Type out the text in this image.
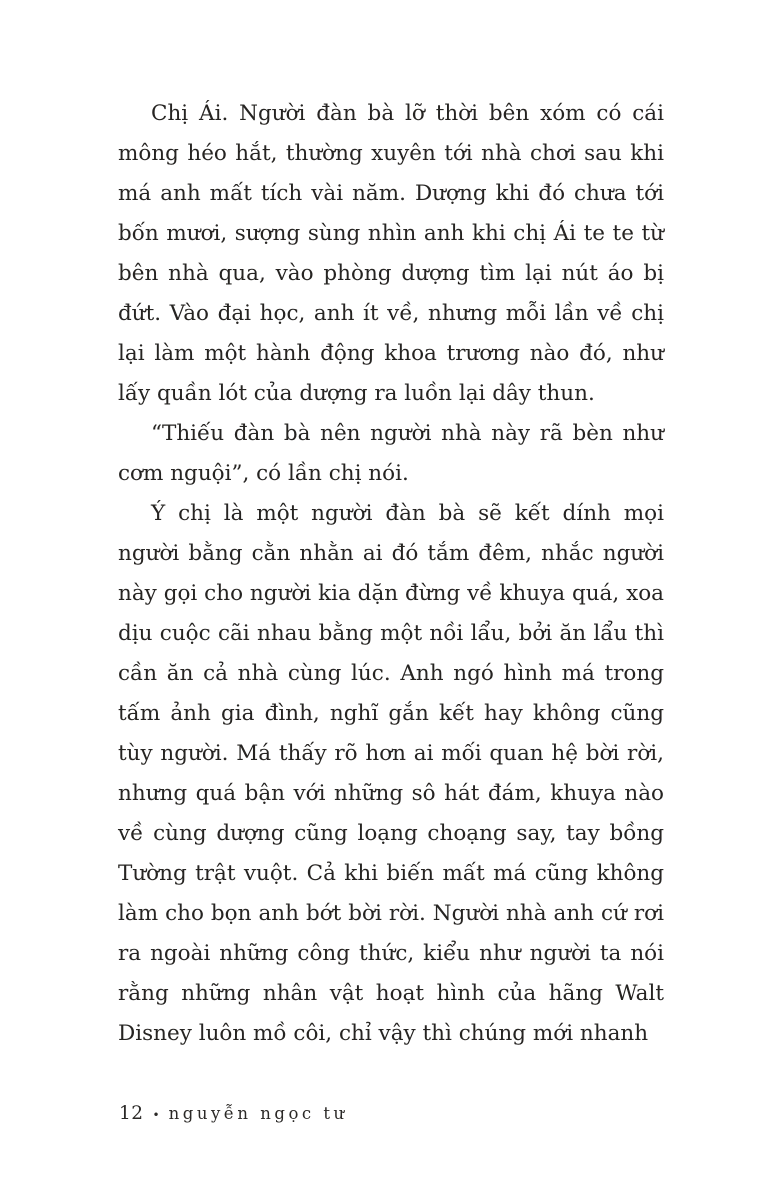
Chị Ái. Người đàn bà lỡ thời bên xóm có cái mông héo hắt, thường xuyên tới nhà chơi sau khi má anh mất tích vài năm. Dượng khi đó chưa tới bốn mươi, sượng sùng nhìn anh khi chị Ái te te từ bên nhà qua, vào phòng dượng tìm lại nút áo bị đứt. Vào đại học, anh ít về, nhưng mỗi lần về chị lại làm một hành động khoa trương nào đó, như lấy quần lót của dượng ra luồn lại dây thun.

“Thiếu đàn bà nên người nhà này rã bèn như cơm nguội”, có lần chị nói.

Ý chị là một người đàn bà sẽ kết dính mọi người bằng cằn nhằn ai đó tắm đêm, nhắc người này gọi cho người kia dặn đừng về khuya quá, xoa dịu cuộc cãi nhau bằng một nồi lẩu, bởi ăn lẩu thì cần ăn cả nhà cùng lúc. Anh ngó hình má trong tấm ảnh gia đình, nghĩ gắn kết hay không cũng tùy người. Má thấy rõ hơn ai mối quan hệ bời rời, nhưng quá bận với những sô hát đám, khuya nào về cùng dượng cũng loạng choạng say, tay bồng Tường trật vuột. Cả khi biến mất má cũng không làm cho bọn anh bớt bời rời. Người nhà anh cứ rơi ra ngoài những công thức, kiểu như người ta nói rằng những nhân vật hoạt hình của hãng Walt Disney luôn mồ côi, chỉ vậy thì chúng mới nhanh

12 • nguyễn ngọc tư
